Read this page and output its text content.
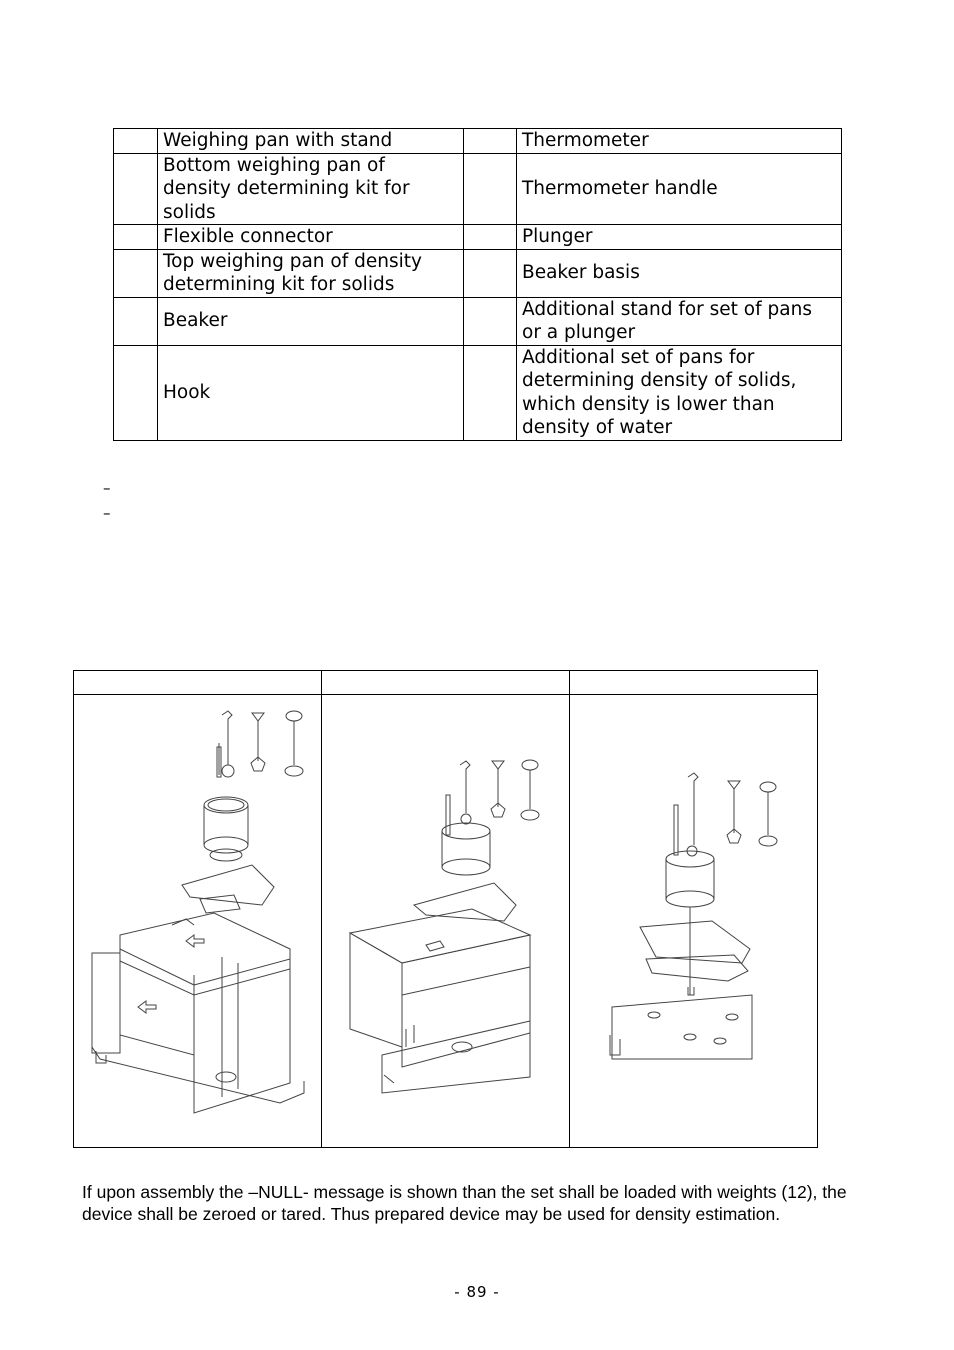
	Weighing pan with stand		Thermometer
	Bottom weighing pan of density determining kit for solids		Thermometer handle
	Flexible connector		Plunger
	Top weighing pan of density determining kit for solids		Beaker basis
	Beaker		Additional stand for set of pans or a plunger
	Hook		Additional set of pans for determining density of solids, which density is lower than density of water
–
–

If upon assembly the –NULL- message is shown than the set shall be loaded with weights (12), the device shall be zeroed or tared. Thus prepared device may be used for density estimation.
- 89 -
